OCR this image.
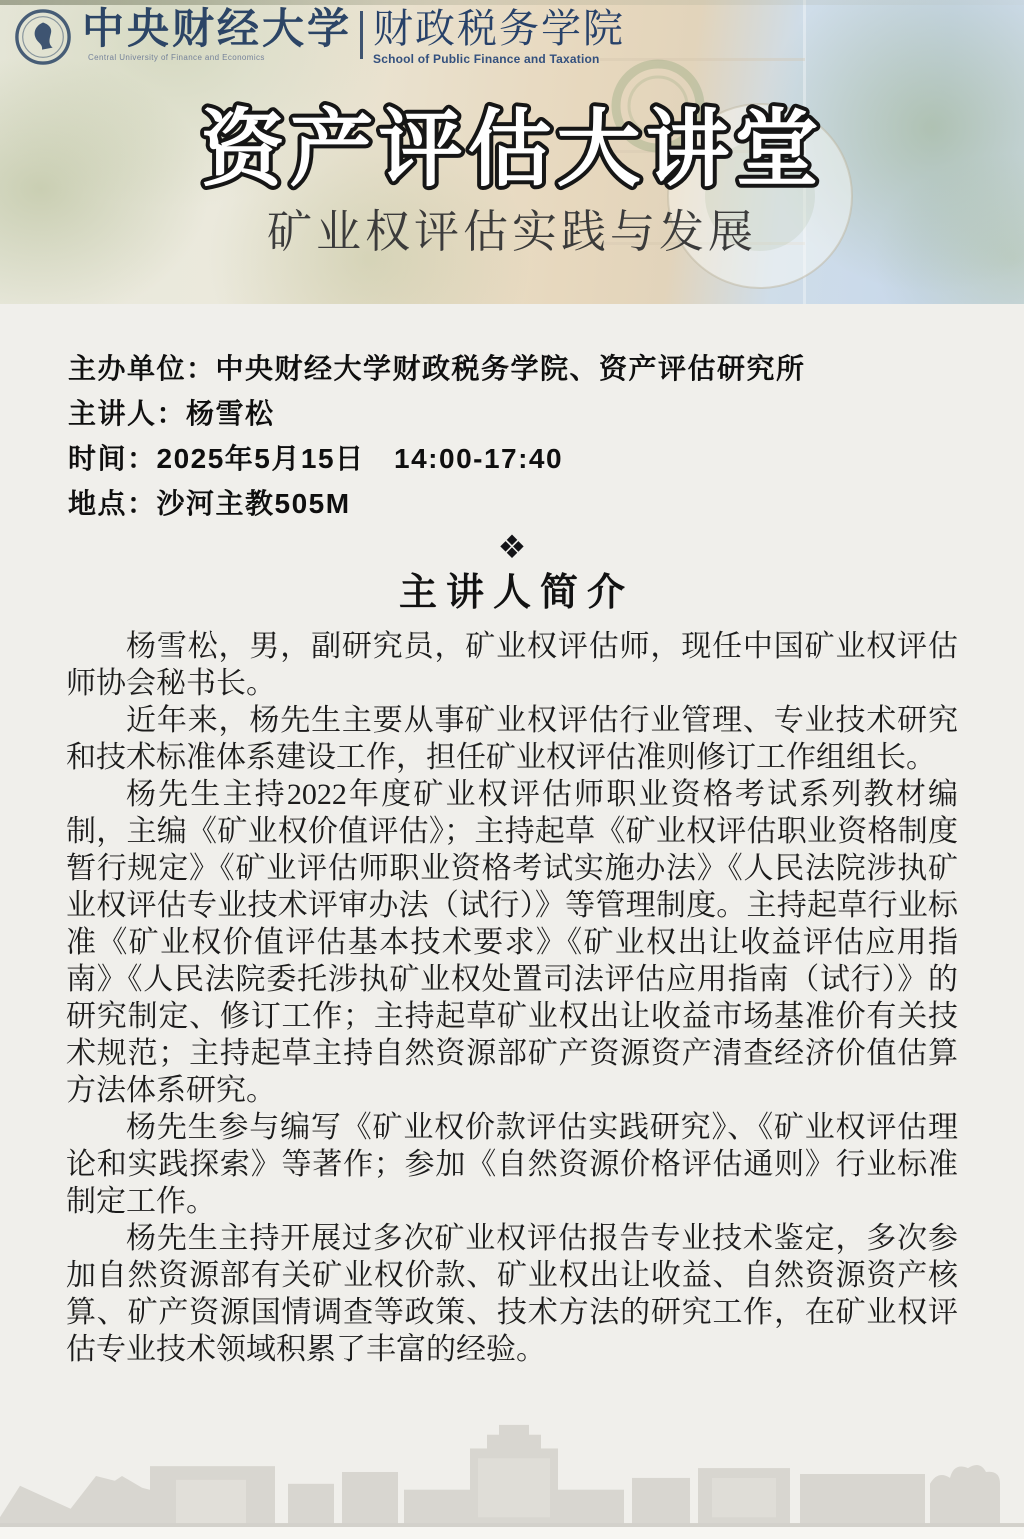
中央财经大学
Central University of Finance and Economics
财政税务学院
School of Public Finance and Taxation
资产评估大讲堂
矿业权评估实践与发展
主办单位：中央财经大学财政税务学院、资产评估研究所
主讲人：杨雪松
时间：2025年5月15日　14:00-17:40
地点：沙河主教505M
❖
主讲人简介

杨雪松，男，副研究员，矿业权评估师，现任中国矿业权评估师协会秘书长。

近年来，杨先生主要从事矿业权评估行业管理、专业技术研究和技术标准体系建设工作，担任矿业权评估准则修订工作组组长。

杨先生主持2022年度矿业权评估师职业资格考试系列教材编制，主编《矿业权价值评估》；主持起草《矿业权评估职业资格制度暂行规定》《矿业评估师职业资格考试实施办法》《人民法院涉执矿业权评估专业技术评审办法（试行）》等管理制度。主持起草行业标准《矿业权价值评估基本技术要求》《矿业权出让收益评估应用指南》《人民法院委托涉执矿业权处置司法评估应用指南（试行）》的研究制定、修订工作；主持起草矿业权出让收益市场基准价有关技术规范；主持起草主持自然资源部矿产资源资产清查经济价值估算方法体系研究。

杨先生参与编写《矿业权价款评估实践研究》、《矿业权评估理论和实践探索》等著作；参加《自然资源价格评估通则》行业标准制定工作。

杨先生主持开展过多次矿业权评估报告专业技术鉴定，多次参加自然资源部有关矿业权价款、矿业权出让收益、自然资源资产核算、矿产资源国情调查等政策、技术方法的研究工作，在矿业权评估专业技术领域积累了丰富的经验。
